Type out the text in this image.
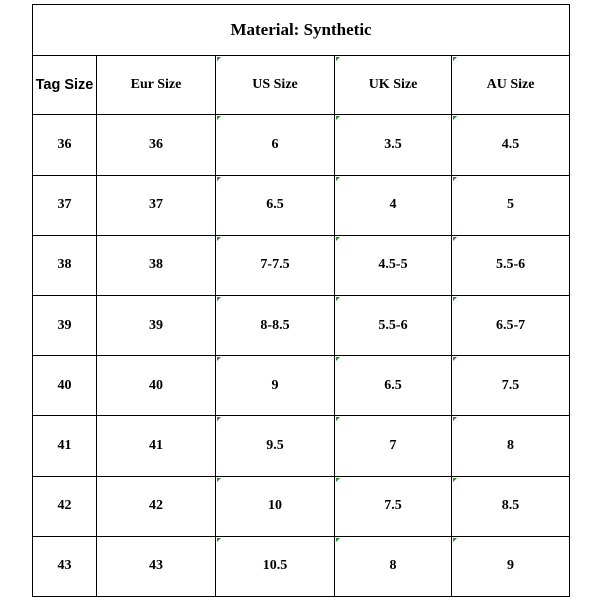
Material: Synthetic				
Tag Size	Eur Size	US Size	UK Size	AU Size
36	36	6	3.5	4.5
37	37	6.5	4	5
38	38	7-7.5	4.5-5	5.5-6
39	39	8-8.5	5.5-6	6.5-7
40	40	9	6.5	7.5
41	41	9.5	7	8
42	42	10	7.5	8.5
43	43	10.5	8	9
